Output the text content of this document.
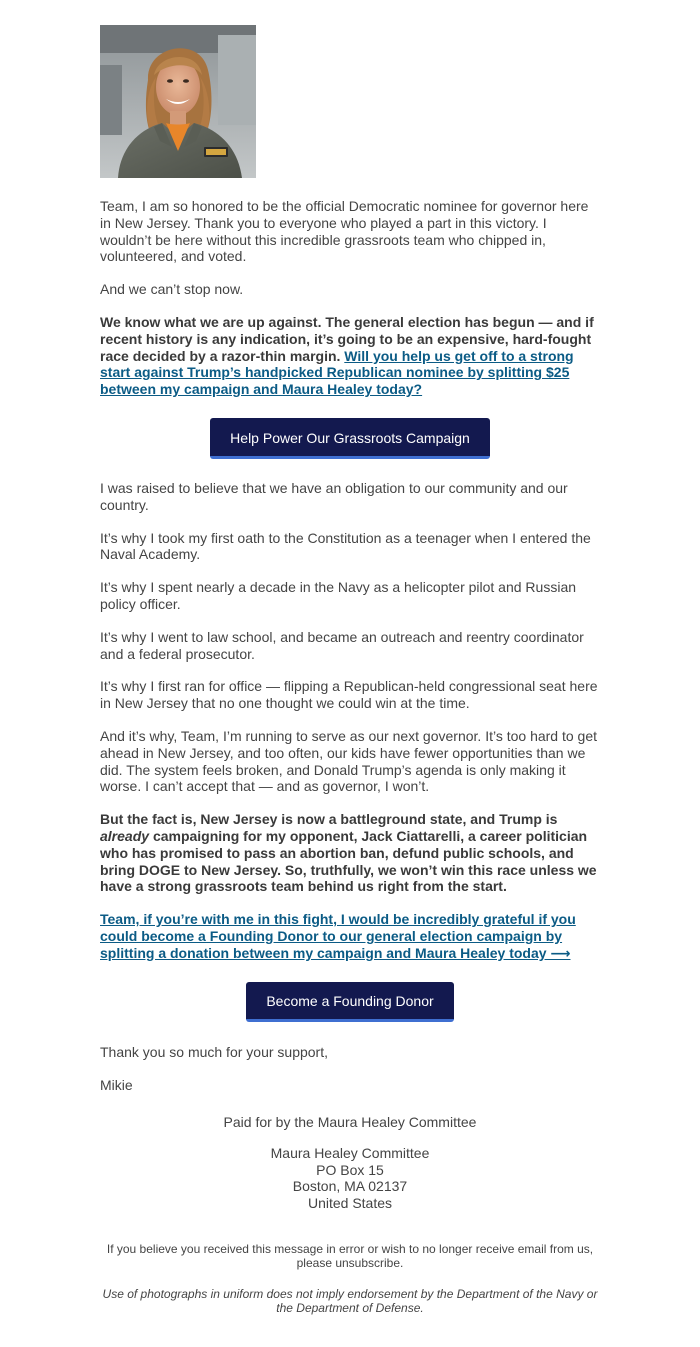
Team, I am so honored to be the official Democratic nominee for governor here in New Jersey. Thank you to everyone who played a part in this victory. I wouldn’t be here without this incredible grassroots team who chipped in, volunteered, and voted.

And we can’t stop now.

We know what we are up against. The general election has begun — and if recent history is any indication, it’s going to be an expensive, hard-fought race decided by a razor-thin margin. Will you help us get off to a strong start against Trump’s handpicked Republican nominee by splitting $25 between my campaign and Maura Healey today?

Help Power Our Grassroots Campaign

I was raised to believe that we have an obligation to our community and our country.

It’s why I took my first oath to the Constitution as a teenager when I entered the Naval Academy.

It’s why I spent nearly a decade in the Navy as a helicopter pilot and Russian policy officer.

It’s why I went to law school, and became an outreach and reentry coordinator and a federal prosecutor.

It’s why I first ran for office — flipping a Republican-held congressional seat here in New Jersey that no one thought we could win at the time.

And it’s why, Team, I’m running to serve as our next governor. It’s too hard to get ahead in New Jersey, and too often, our kids have fewer opportunities than we did. The system feels broken, and Donald Trump’s agenda is only making it worse. I can’t accept that — and as governor, I won’t.

But the fact is, New Jersey is now a battleground state, and Trump is already campaigning for my opponent, Jack Ciattarelli, a career politician who has promised to pass an abortion ban, defund public schools, and bring DOGE to New Jersey. So, truthfully, we won’t win this race unless we have a strong grassroots team behind us right from the start.

Team, if you’re with me in this fight, I would be incredibly grateful if you could become a Founding Donor to our general election campaign by splitting a donation between my campaign and Maura Healey today ⟶

Become a Founding Donor

Thank you so much for your support,

Mikie

Paid for by the Maura Healey Committee
Maura Healey Committee
PO Box 15
Boston, MA 02137
United States
If you believe you received this message in error or wish to no longer receive email from us, please unsubscribe.
Use of photographs in uniform does not imply endorsement by the Department of the Navy or the Department of Defense.
